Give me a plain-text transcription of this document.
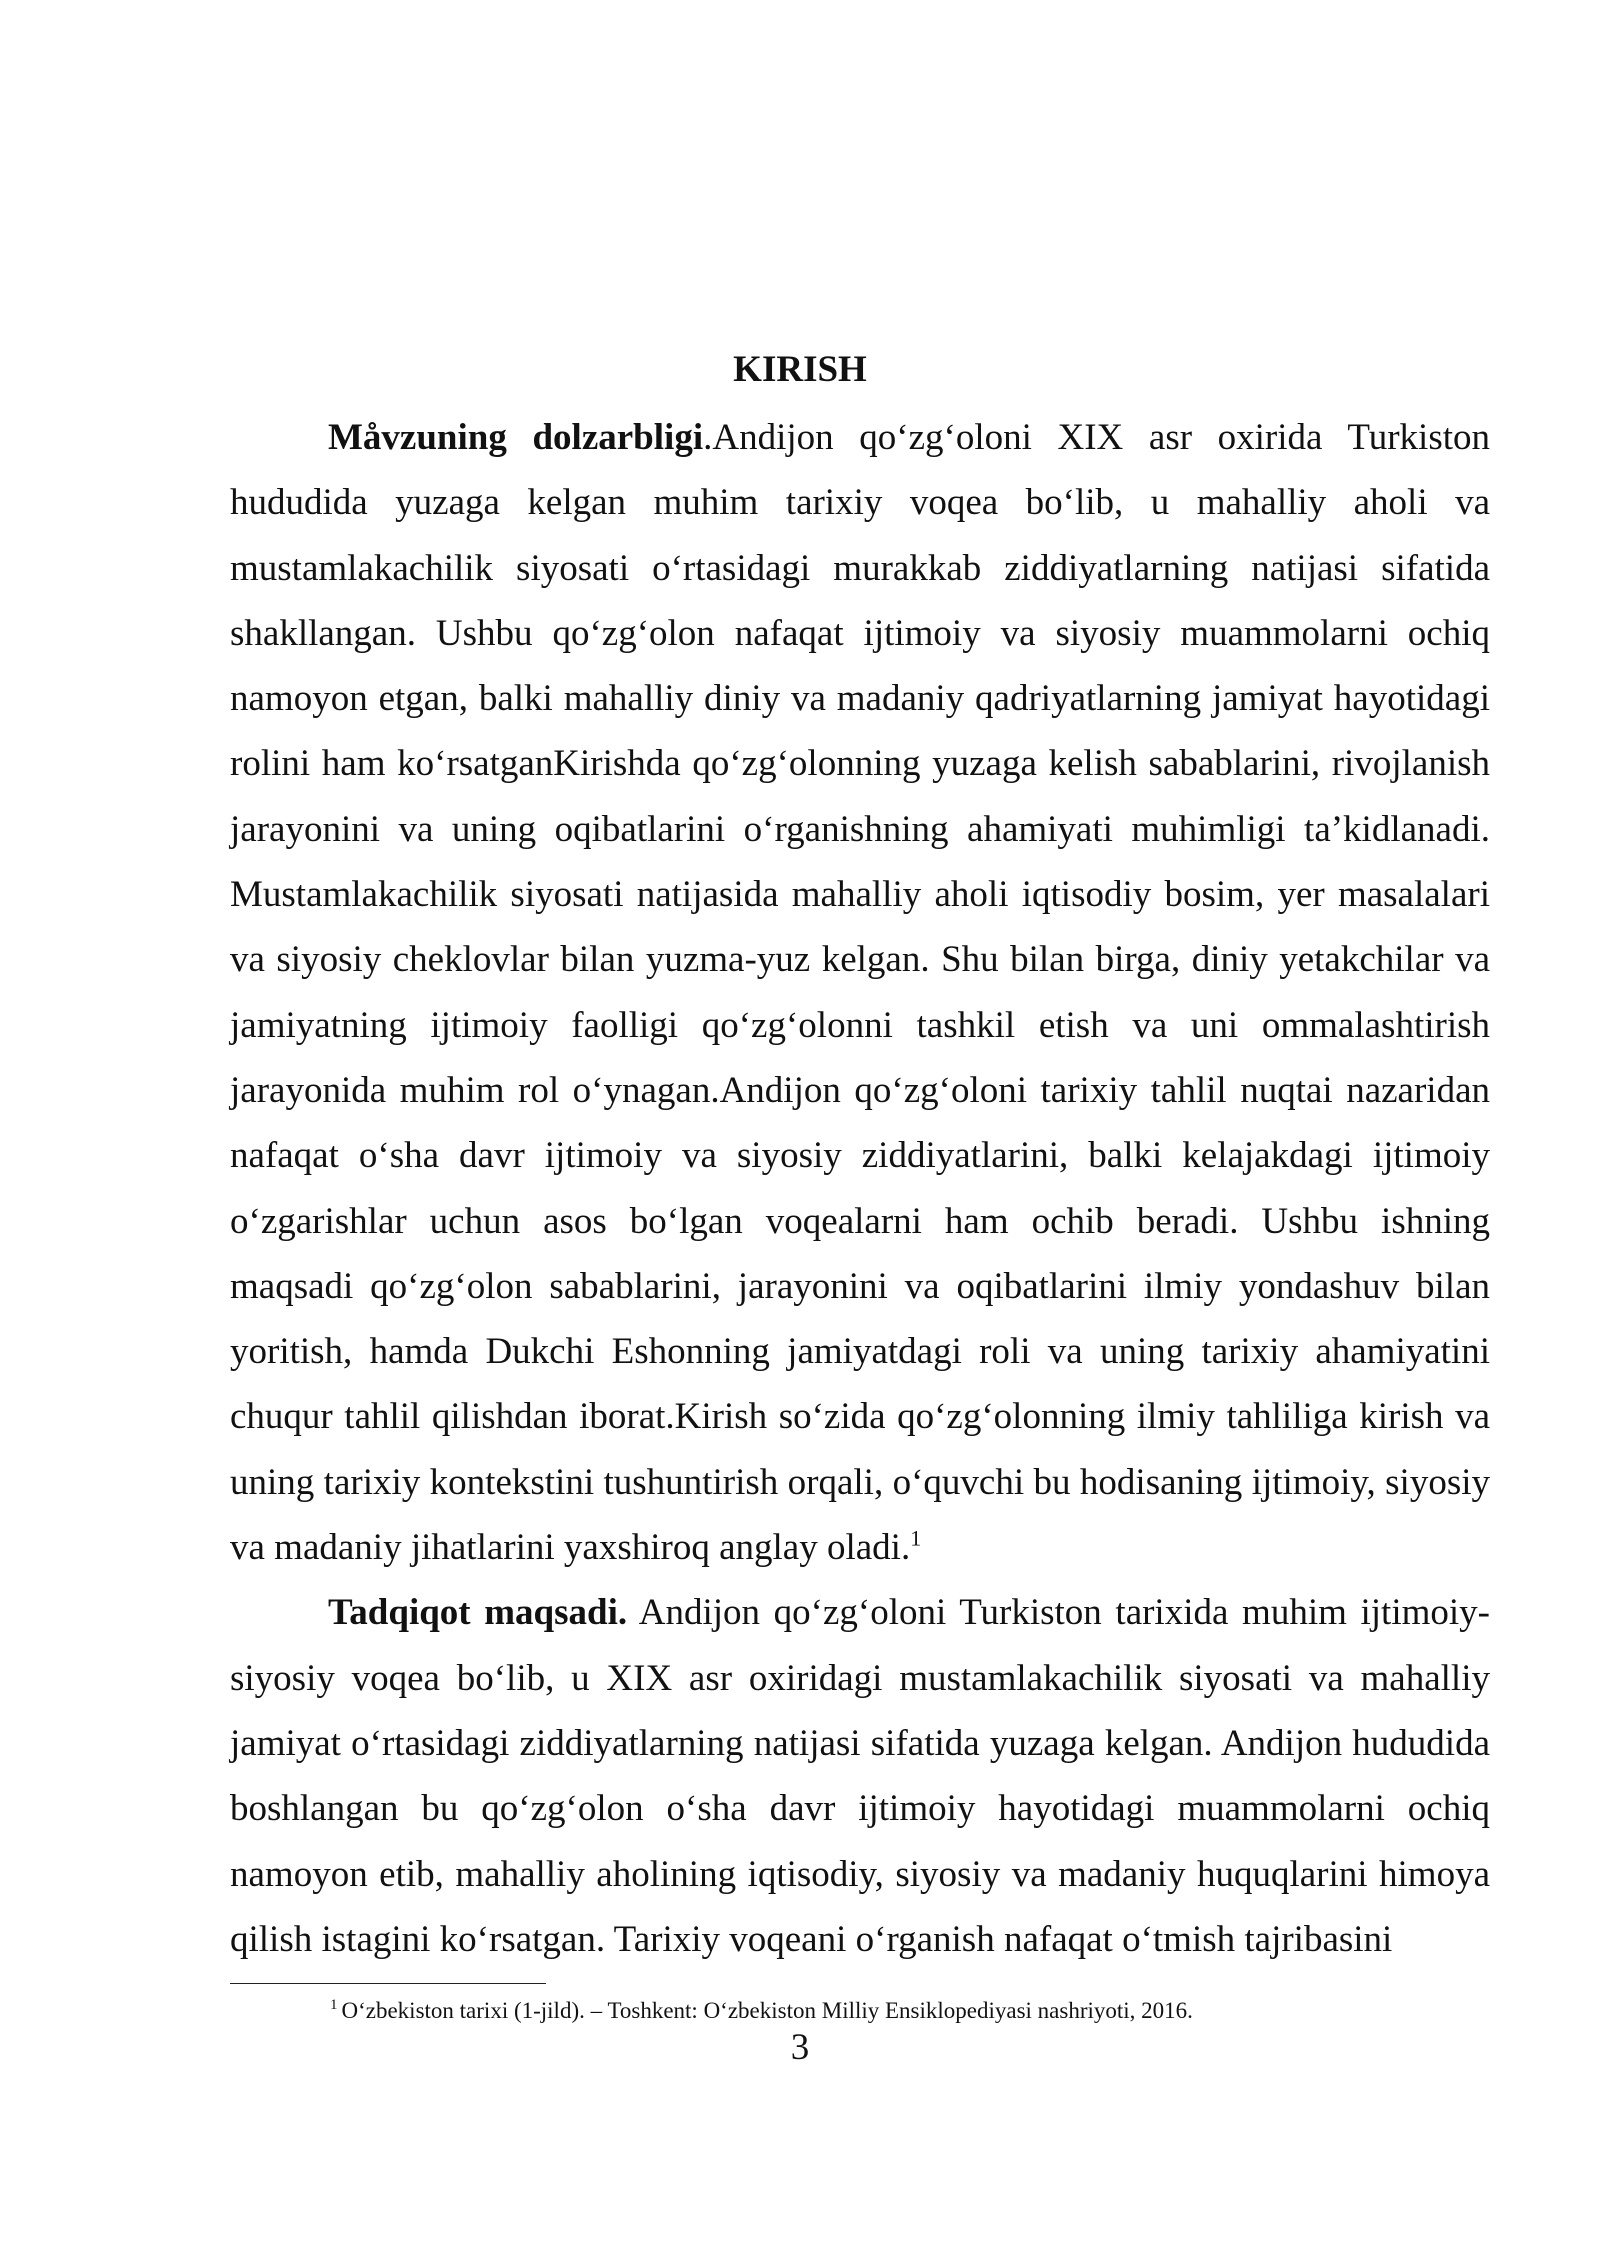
KIRISH

Måvzuning dolzarbligi.Andijon qo‘zg‘oloni XIX asr oxirida Turkiston hududida yuzaga kelgan muhim tarixiy voqea bo‘lib, u mahalliy aholi va mustamlakachilik siyosati o‘rtasidagi murakkab ziddiyatlarning natijasi sifatida shakllangan. Ushbu qo‘zg‘olon nafaqat ijtimoiy va siyosiy muammolarni ochiq namoyon etgan, balki mahalliy diniy va madaniy qadriyatlarning jamiyat hayotidagi rolini ham ko‘rsatganKirishda qo‘zg‘olonning yuzaga kelish sabablarini, rivojlanish jarayonini va uning oqibatlarini o‘rganishning ahamiyati muhimligi ta’kidlanadi. Mustamlakachilik siyosati natijasida mahalliy aholi iqtisodiy bosim, yer masalalari va siyosiy cheklovlar bilan yuzma-yuz kelgan. Shu bilan birga, diniy yetakchilar va jamiyatning ijtimoiy faolligi qo‘zg‘olonni tashkil etish va uni ommalashtirish jarayonida muhim rol o‘ynagan.Andijon qo‘zg‘oloni tarixiy tahlil nuqtai nazaridan nafaqat o‘sha davr ijtimoiy va siyosiy ziddiyatlarini, balki kelajakdagi ijtimoiy o‘zgarishlar uchun asos bo‘lgan voqealarni ham ochib beradi. Ushbu ishning maqsadi qo‘zg‘olon sabablarini, jarayonini va oqibatlarini ilmiy yondashuv bilan yoritish, hamda Dukchi Eshonning jamiyatdagi roli va uning tarixiy ahamiyatini chuqur tahlil qilishdan iborat.Kirish so‘zida qo‘zg‘olonning ilmiy tahliliga kirish va uning tarixiy kontekstini tushuntirish orqali, o‘quvchi bu hodisaning ijtimoiy, siyosiy va madaniy jihatlarini yaxshiroq anglay oladi.$^1$

Tadqiqot maqsadi. Andijon qo‘zg‘oloni Turkiston tarixida muhim ijtimoiy-siyosiy voqea bo‘lib, u XIX asr oxiridagi mustamlakachilik siyosati va mahalliy jamiyat o‘rtasidagi ziddiyatlarning natijasi sifatida yuzaga kelgan. Andijon hududida boshlangan bu qo‘zg‘olon o‘sha davr ijtimoiy hayotidagi muammolarni ochiq namoyon etib, mahalliy aholining iqtisodiy, siyosiy va madaniy huquqlarini himoya qilish istagini ko‘rsatgan. Tarixiy voqeani o‘rganish nafaqat o‘tmish tajribasini

$^1$ O‘zbekiston tarixi (1-jild). – Toshkent: O‘zbekiston Milliy Ensiklopediyasi nashriyoti, 2016.

3
